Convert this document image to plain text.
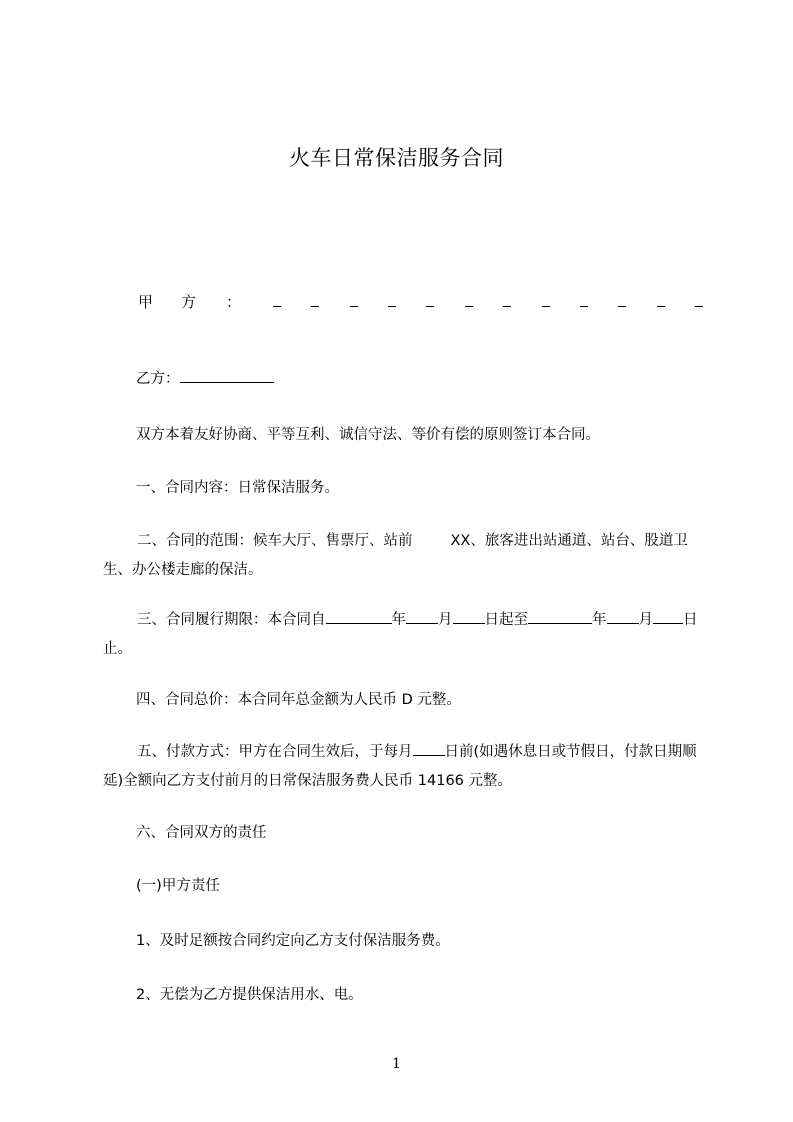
火车日常保洁服务合同
甲方 ：
乙方：
双方本着友好协商、平等互利、诚信守法、等价有偿的原则签订本合同。
一、合同内容：日常保洁服务。
二、合同的范围：候车大厅、售票厅、站前	XX、旅客进出站通道、站台、股道卫生、办公楼走廊的保洁。
三、合同履行期限：本合同自	年 月 日起至	年 月 日止。
四、合同总价：本合同年总金额为人民币 D 元整。
五、付款方式：甲方在合同生效后，于每月 日前(如遇休息日或节假日，付款日期顺延)全额向乙方支付前月的日常保洁服务费人民币 14166 元整。
六、合同双方的责任
(一)甲方责任
1、及时足额按合同约定向乙方支付保洁服务费。
2、无偿为乙方提供保洁用水、电。
1
